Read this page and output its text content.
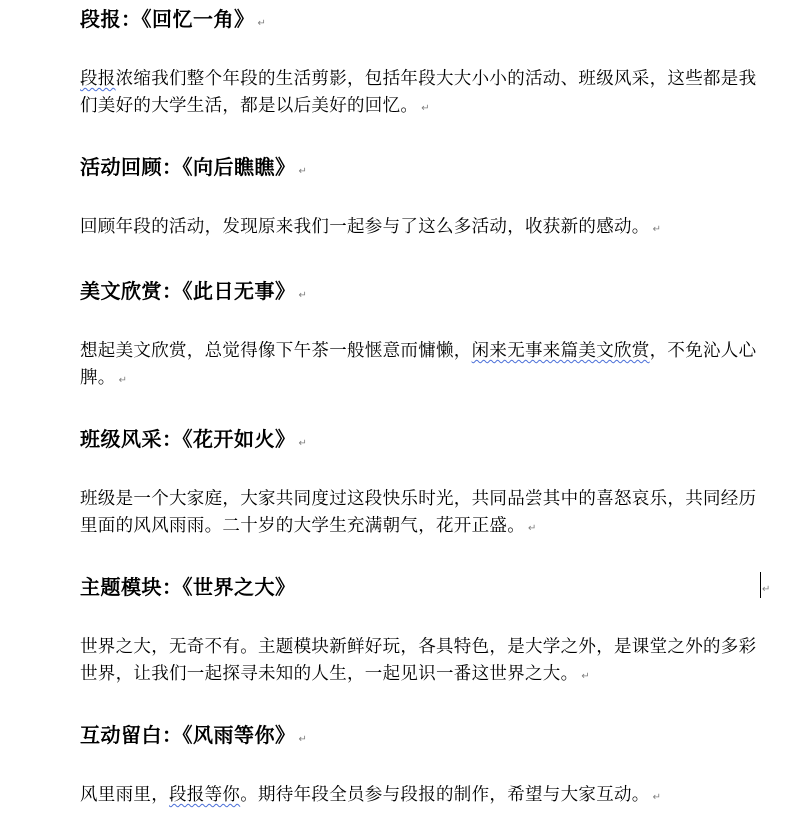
段报：《回忆一角》 ↵
段报浓缩我们整个年段的生活剪影，包括年段大大小小的活动、班级风采，这些都是我们美好的大学生活，都是以后美好的回忆。 ↵
活动回顾：《向后瞧瞧》 ↵
回顾年段的活动，发现原来我们一起参与了这么多活动，收获新的感动。 ↵
美文欣赏：《此日无事》 ↵
想起美文欣赏，总觉得像下午茶一般惬意而慵懒，闲来无事来篇美文欣赏，不免沁人心脾。 ↵
班级风采：《花开如火》 ↵
班级是一个大家庭，大家共同度过这段快乐时光，共同品尝其中的喜怒哀乐，共同经历里面的风风雨雨。二十岁的大学生充满朝气，花开正盛。 ↵
主题模块：《世界之大》	↵
世界之大，无奇不有。主题模块新鲜好玩，各具特色，是大学之外，是课堂之外的多彩世界，让我们一起探寻未知的人生，一起见识一番这世界之大。 ↵
互动留白：《风雨等你》 ↵
风里雨里，段报等你。期待年段全员参与段报的制作，希望与大家互动。 ↵
